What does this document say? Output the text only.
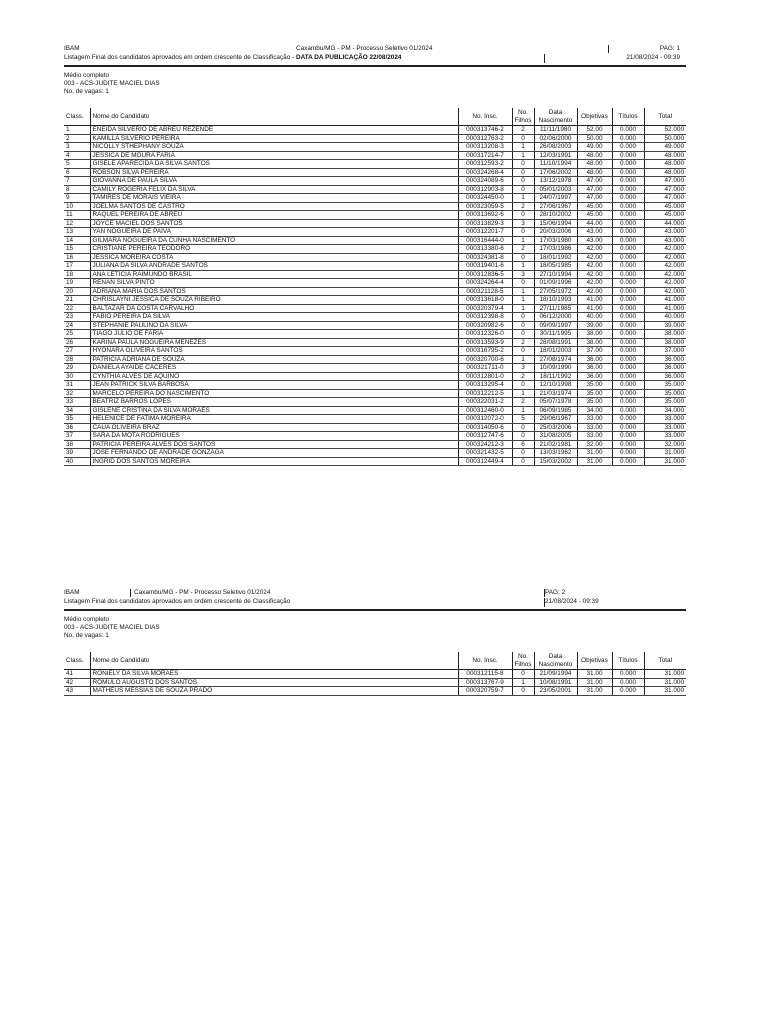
IBAM	Caxambu/MG - PM - Processo Seletivo 01/2024
Listagem Final dos candidatos aprovados em ordem crescente de Classificação - DATA DA PUBLICAÇÃO 22/08/2024
PAG: 1
21/08/2024 - 09:39
Médio completo
003 - ACS-JUDITE MACIEL DIAS
No. de vagas: 1
Class.	Nome do Candidato	No. Insc.	No. Filhos	Data Nascimento	Objetivas	Títulos	Total
1	ENEIDA SILVERIO DE ABREU REZENDE	000313746-2	2	11/11/1980	52.00	0.000	52.000
2	KAMILLA SILVERIO PEREIRA	000312763-2	0	02/06/2000	50.00	0.000	50.000
3	NICOLLY STHEPHANY SOUZA	000313208-3	1	26/08/2003	49.00	0.000	49.000
4	JESSICA DE MOURA FARIA	000317214-7	1	12/03/1991	48.00	0.000	48.000
5	GISELE APARECIDA DA SILVA SANTOS	000312593-2	0	11/10/1994	48.00	0.000	48.000
6	ROBSON SILVA PEREIRA	000324268-4	0	17/06/2002	48.00	0.000	48.000
7	GIOVANNA DE PAULA SILVA	000324089-6	0	13/12/1978	47.00	0.000	47.000
8	CAMILY ROGERIA FELIX DA SILVA	000312903-8	0	05/01/2003	47.00	0.000	47.000
9	TAMIRES DE MORAIS VIEIRA	000324450-0	1	24/07/1997	47.00	0.000	47.000
10	JOELMA SANTOS DE CASTRO	000323059-5	2	27/06/1967	45.00	0.000	45.000
11	RAQUEL PEREIRA DE ABREU	000313692-6	0	28/10/2002	45.00	0.000	45.000
12	JOYCE MACIEL DOS SANTOS	000313829-3	3	15/06/1994	44.00	0.000	44.000
13	YAN NOGUEIRA DE PAIVA	000312201-7	0	20/03/2006	43.00	0.000	43.000
14	GILMARA NOGUEIRA DA CUNHA NASCIMENTO	000316444-0	1	17/03/1980	43.00	0.000	43.000
15	CRISTIANE PEREIRA TEODORO	000313380-6	2	17/03/1986	42.00	0.000	42.000
16	JESSICA MOREIRA COSTA	000324381-8	0	18/01/1992	42.00	0.000	42.000
17	JULIANA DA SILVA ANDRADE SANTOS	000319401-6	1	18/05/1985	42.00	0.000	42.000
18	ANA LETICIA RAIMUNDO BRASIL	000312836-5	3	27/10/1994	42.00	0.000	42.000
19	RENAN SILVA PINTO	000324264-4	0	01/09/1996	42.00	0.000	42.000
20	ADRIANA MARIA DOS SANTOS	000321128-5	1	27/05/1972	42.00	0.000	42.000
21	CHRISLAYNI JESSICA DE SOUZA RIBEIRO	000313618-0	1	18/10/1993	41.00	0.000	41.000
22	BALTAZAR DA COSTA CARVALHO	000320379-4	1	27/11/1985	41.00	0.000	41.000
23	FABIO PEREIRA DA SILVA	000312398-8	0	06/12/2000	40.00	0.000	40.000
24	STEPHANIE PAULINO DA SILVA	000320982-6	0	09/09/1997	39.00	0.000	39.000
25	TIAGO JULIO DE FARIA	000312326-0	0	30/11/1995	38.00	0.000	38.000
26	KARINA PAULA NOGUEIRA MENEZES	000313593-9	2	28/08/1991	38.00	0.000	38.000
27	HYONARA OLIVEIRA SANTOS	000316795-2	0	18/01/2003	37.00	0.000	37.000
28	PATRICIA ADRIANA DE SOUZA	000320700-6	1	27/08/1974	36.00	0.000	36.000
29	DANIELA AYAIDE CACERES	000321711-0	3	10/09/1990	36.00	0.000	36.000
30	CYNTHIA ALVES DE AQUINO	000312801-0	2	18/11/1992	36.00	0.000	36.000
31	JEAN PATRICK SILVA BARBOSA	000313295-4	0	12/10/1998	35.00	0.000	35.000
32	MARCELO PEREIRA DO NASCIMENTO	000312212-5	1	21/03/1974	35.00	0.000	35.000
33	BEATRIZ BARROS LOPES	000322031-2	2	05/07/1978	35.00	0.000	35.000
34	GISLENE CRISTINA DA SILVA MORAES	000312460-0	1	06/09/1985	34.00	0.000	34.000
35	HELENICE DE FATIMA MOREIRA	000312072-0	5	29/06/1967	33.00	0.000	33.000
36	CAUA OLIVEIRA BRAZ	000314050-6	0	25/03/2006	33.00	0.000	33.000
37	SARA DA MOTA RODRIGUES	000312747-6	0	31/08/2005	33.00	0.000	33.000
38	PATRICIA PEREIRA ALVES DOS SANTOS	000324212-3	6	21/02/1981	32.00	0.000	32.000
39	JOSE FERNANDO DE ANDRADE GONZAGA	000321432-5	0	13/03/1962	31.00	0.000	31.000
40	INGRID DOS SANTOS MOREIRA	000312449-4	0	15/03/2002	31.00	0.000	31.000
IBAM	Caxambu/MG - PM - Processo Seletivo 01/2024
Listagem Final dos candidatos aprovados em ordem crescente de Classificação
PAG: 2
21/08/2024 - 09:39
Médio completo
003 - ACS-JUDITE MACIEL DIAS
No. de vagas: 1
Class.	Nome do Candidato	No. Insc.	No. Filhos	Data Nascimento	Objetivas	Títulos	Total
41	RONIELY DA SILVA MORAES	000312115-8	0	21/09/1994	31.00	0.000	31.000
42	ROMULO AUGUSTO DOS SANTOS	000313767-9	1	10/08/1991	31.00	0.000	31.000
43	MATHEUS MESSIAS DE SOUZA PRADO	000320759-7	0	23/05/2001	31.00	0.000	31.000
